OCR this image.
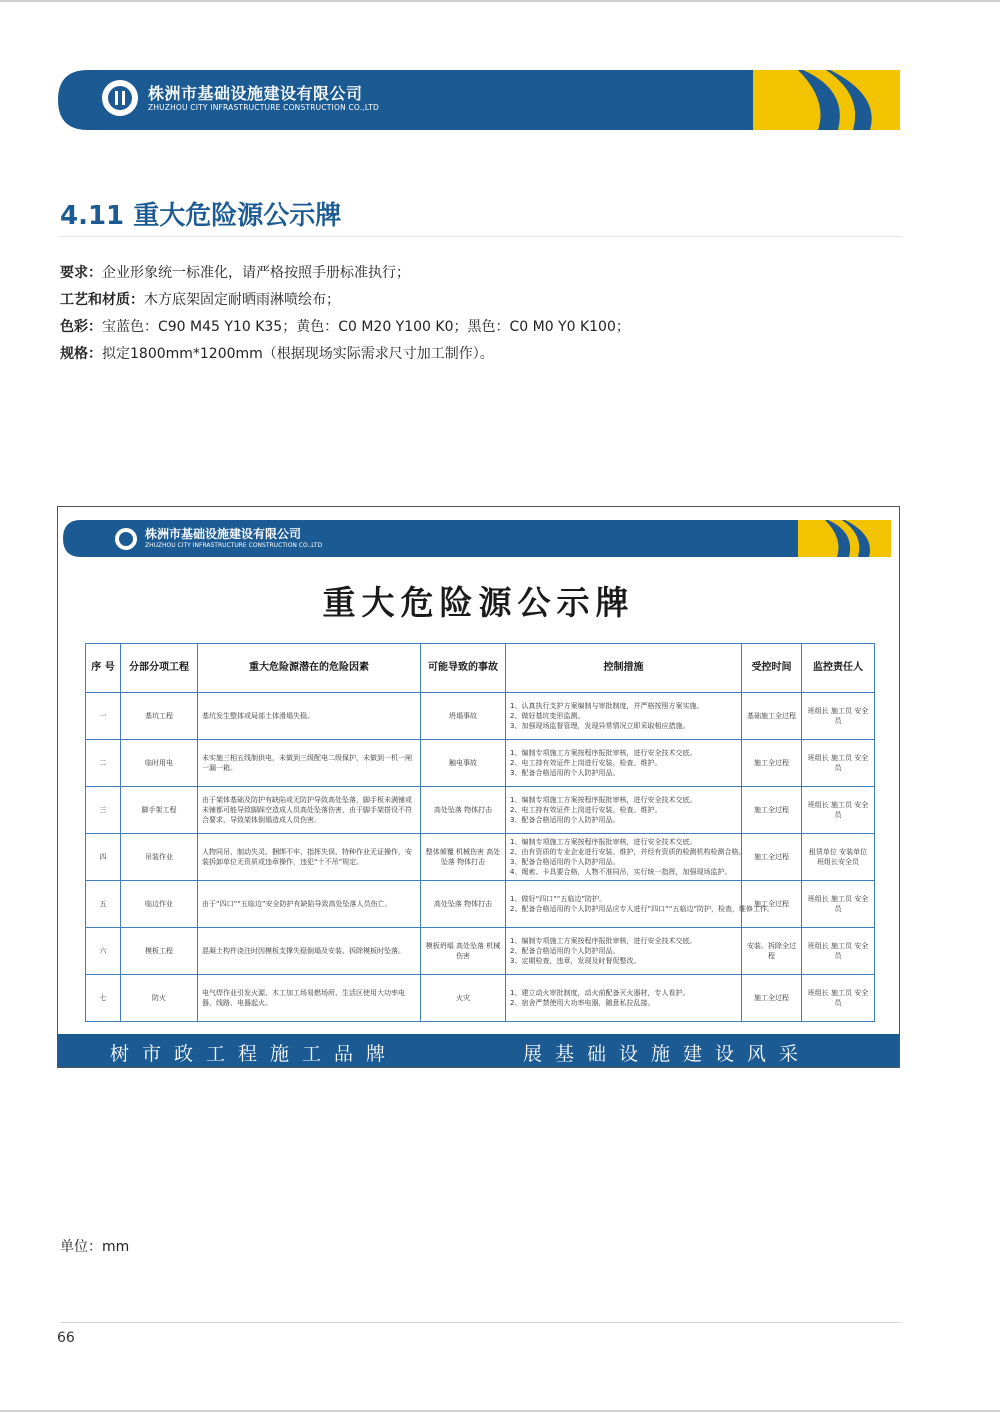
株洲市基础设施建设有限公司
ZHUZHOU CITY INFRASTRUCTURE CONSTRUCTION CO.,LTD
4.11 重大危险源公示牌
要求：企业形象统一标准化，请严格按照手册标准执行；
工艺和材质：木方底架固定耐晒雨淋喷绘布；
色彩：宝蓝色：C90 M45 Y10 K35；黄色：C0 M20 Y100 K0；黑色：C0 M0 Y0 K100；
规格：拟定1800mm*1200mm（根据现场实际需求尺寸加工制作）。
株洲市基础设施建设有限公司
ZHUZHOU CITY INFRASTRUCTURE CONSTRUCTION CO.,LTD
重大危险源公示牌
序 号	分部分项工程	重大危险源潜在的危险因素	可能导致的事故	控制措施	受控时间	监控责任人
一	基坑工程	基坑发生整体或局部土体滑塌失稳。	坍塌事故	1、认真执行支护方案编制与审批制度，并严格按照方案实施。
2、做好基坑变形监测。
3、加强现场监督管理，发现异常情况立即采取相应措施。	基础施工全过程	班组长 施工员 安全员
二	临时用电	未实施三相五线制供电，未做到三级配电二级保护，未做到一机一闸一漏一箱。	触电事故	1、编制专项施工方案按程序报批审核，进行安全技术交底。
2、电工持有效证件上岗进行安装、检查、维护。
3、配备合格适用的个人防护用品。	施工全过程	班组长 施工员 安全员
三	脚手架工程	由于架体基础及防护有缺陷或无防护导致高处坠落，脚手板未满铺或未铺都可能导致脚踩空造成人员高处坠落伤害，由于脚手架搭设不符合要求，导致架体倒塌造成人员伤害。	高处坠落 物体打击	1、编制专项施工方案按程序报批审核，进行安全技术交底。
2、电工持有效证件上岗进行安装、检查、维护。
3、配备合格适用的个人防护用品。	施工全过程	班组长 施工员 安全员
四	吊装作业	人物同吊、制动失灵、捆绑不牢、指挥失误、特种作业无证操作，安装拆卸单位无资质或违章操作，违犯“十不吊”规定。	整体倾覆 机械伤害 高处坠落 物体打击	1、编制专项施工方案按程序报批审核，进行安全技术交底。
2、由有资质的专业企业进行安装、维护，并经有资质的检测机构检测合格。
3、配备合格适用的个人防护用品。
4、绳索、卡具要合格，人物不准同吊，实行统一指挥，加强现场监护。	施工全过程	租赁单位 安装单位 班组长安全员
五	临边作业	由于“四口”“五临边”安全防护有缺陷导致高处坠落人员伤亡。	高处坠落 物体打击	1、做好“四口”“五临边”防护。
2、配备合格适用的个人防护用品应专人进行“四口”“五临边”防护，检查，维修工作。	施工全过程	班组长 施工员 安全员
六	模板工程	混凝土构件浇注时因模板支撑失稳倒塌及安装、拆除模板时坠落。	模板坍塌 高处坠落 机械伤害	1、编制专项施工方案按程序报批审核，进行安全技术交底。
2、配备合格适用的个人防护用品。
3、定期检查，违章，发现及时督促整改。	安装、拆除全过程	班组长 施工员 安全员
七	防火	电气焊作业引发火源、木工加工场易燃场所、生活区使用大功率电器，线路、电器起火。	火灾	1、建立动火审批制度，动火前配备灭火器材，专人看护。
2、宿舍严禁使用大功率电器，随意私拉乱接。	施工全过程	班组长 施工员 安全员
树市政工程施工品牌	展基础设施建设风采
单位：mm
66
